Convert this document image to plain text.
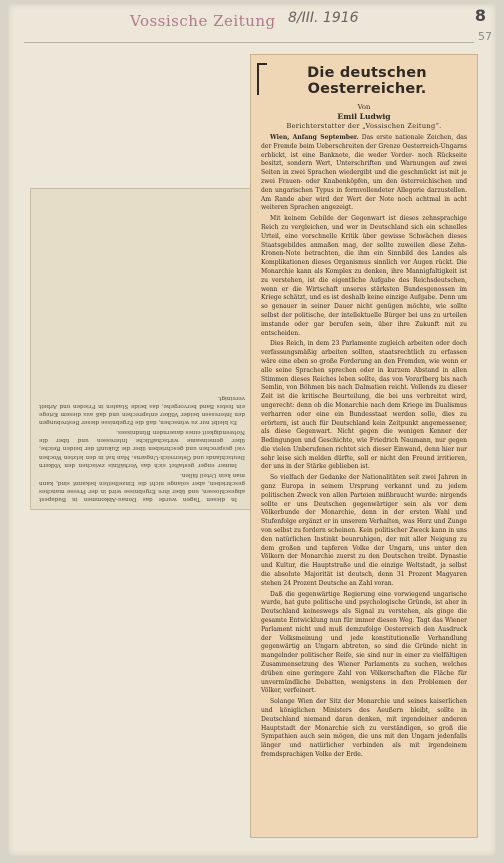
Vossische Zeitung 8/III. 1916	8
57

In diesen Tagen wurde das Donau-Abkommen in Budapest abgeschlossen, und über ihre Ergebnisse wird in der Presse manches geschrieben, aber solange nicht die Einzelheiten bekannt sind, kann man kein Urteil fällen.

Immer enger gestaltet sich das Verhältnis zwischen den Völkern Deutschlands und Österreich-Ungarns. Man hat in den letzten Wochen viel gesprochen und geschrieben über die Zukunft der beiden Reiche, über gemeinsame wirtschaftliche Interessen und über die Notwendigkeit eines dauernden Bündnisses.

Es bleibt nur zu wünschen, daß die Ergebnisse dieser Bestrebungen den Interessen beider Völker entsprechen und daß aus diesem Kriege ein festes Band hervorgehe, das beide Staaten in Frieden und Arbeit vereinigt.

Die deutschen Oesterreicher.
Von
Emil Ludwig
Berichterstatter der „Vossischen Zeitung“.

Wien, Anfang September. Das erste nationale Zeichen, das der Fremde beim Ueberschreiten der Grenze Oesterreich-Ungarns erblickt, ist eine Banknote, die weder Vorder- noch Rückseite besitzt, sondern Wert, Unterschriften und Warnungen auf zwei Seiten in zwei Sprachen wiedergibt und die geschmückt ist mit je zwei Frauen- oder Knabenköpfen, um den österreichischen und den ungarischen Typus in formvollendeter Allegorie darzustellen. Am Rande aber wird der Wert der Note noch achtmal in acht weiteren Sprachen angezeigt.

Mit keinem Gebilde der Gegenwart ist dieses zehnsprachige Reich zu vergleichen, und wer in Deutschland sich ein schnelles Urteil, eine vorschnelle Kritik über gewisse Schwächen dieses Staatsgebildes anmaßen mag, der sollte zuweilen diese Zehn-Kronen-Note betrachten, die ihm ein Sinnbild des Landes als Komplikationen dieses Organismus sinnlich vor Augen rückt. Die Monarchie kann als Komplex zu denken, ihre Mannigfaltigkeit ist zu verstehen, ist die eigentliche Aufgabe des Reichsdeutschen, wenn er die Wirtschaft unseres stärksten Bundesgenossen im Kriege schätzt, und es ist deshalb keine einzige Aufgabe. Denn um so genauer in seiner Dauer nicht genügen möchte, wie sollte selbst der politische, der intellektuelle Bürger bei uns zu urteilen imstande oder gar berufen sein, über ihre Zukunft mit zu entscheiden.

Dies Reich, in dem 23 Parlamente zugleich arbeiten oder doch verfassungsmäßig arbeiten sollten, staatsrechtlich zu erfassen wäre eine eben so große Forderung an den Fremden, wie wenn er alle seine Sprachen sprechen oder in kurzem Abstand in allen Stimmen dieses Reiches leben sollte, das von Vorarlberg bis nach Semlin, von Böhmen bis nach Dalmatien reicht. Vollends zu dieser Zeit ist die kritische Beurteilung, die bei uns verbreitet wird, ungerecht: denn ob die Monarchie nach dem Kriege im Dualismus verharren oder eine ein Bundesstaat werden solle, dies zu erörtern, ist auch für Deutschland kein Zeitpunkt angemessener, als diese Gegenwart. Nicht gegen die wenigen Kenner der Bedingungen und Geschichte, wie Friedrich Naumann, nur gegen die vielen Unberufenen richtet sich dieser Einwand, denn hier nur sehr leise sich melden dürfte, soll er nicht den Freund irritieren, der uns in der Stärke geblieben ist.

So vielfach der Gedanke der Nationalitäten seit zwei Jahren in ganz Europa in seinem Ursprung verkannt und zu jedem politischen Zweck von allen Parteien mißbraucht wurde: nirgends sollte er uns Deutschen gegenwärtiger sein als vor dem Völkerbunde der Monarchie, denn in der ersten Wahl und Stufenfolge ergänzt er in unserem Verhalten, was Herz und Zunge von selbst zu fordern scheinen. Kein politischer Zweck kann in uns den natürlichen Instinkt beunruhigen, der mit aller Neigung zu dem großen und tapferen Volke der Ungarn, uns unter den Völkern der Monarchie zuerst zu den Deutschen treibt. Dynastie und Kultur, die Hauptstraße und die einzige Weltstadt, ja selbst die absolute Majorität ist deutsch, denn 31 Prozent Magyaren stehen 24 Prozent Deutsche an Zahl voran.

Daß die gegenwärtige Regierung eine vorwiegend ungarische wurde, hat gute politische und psychologische Gründe, ist aber in Deutschland keineswegs als Signal zu verstehen, als ginge die gesamte Entwicklung nun für immer diesen Weg. Tagt das Wiener Parlament nicht und muß demzufolge Oesterreich den Ausdruck der Volksmeinung und jede konstitutionelle Verhandlung gegenwärtig an Ungarn abtreten, so sind die Gründe nicht in mangelnder politischer Reife, sie sind nur in einer zu vielfältigen Zusammensetzung des Wiener Parlaments zu suchen, welches drüben eine geringere Zahl von Völkerschaften die Fläche für unvermündliche Debatten, wenigstens in den Problemen der Völker, verfeinert.

Solange Wien der Sitz der Monarchie und seines kaiserlichen und königlichen Ministers des Aeußern bleibt, sollte in Deutschland niemand daran denken, mit irgendeiner anderen Hauptstadt der Monarchie sich zu verständigen, so groß die Sympathien auch sein mögen, die uns mit den Ungarn jedenfalls länger und natürlicher verbinden als mit irgendeinem fremdsprachigen Volke der Erde.
